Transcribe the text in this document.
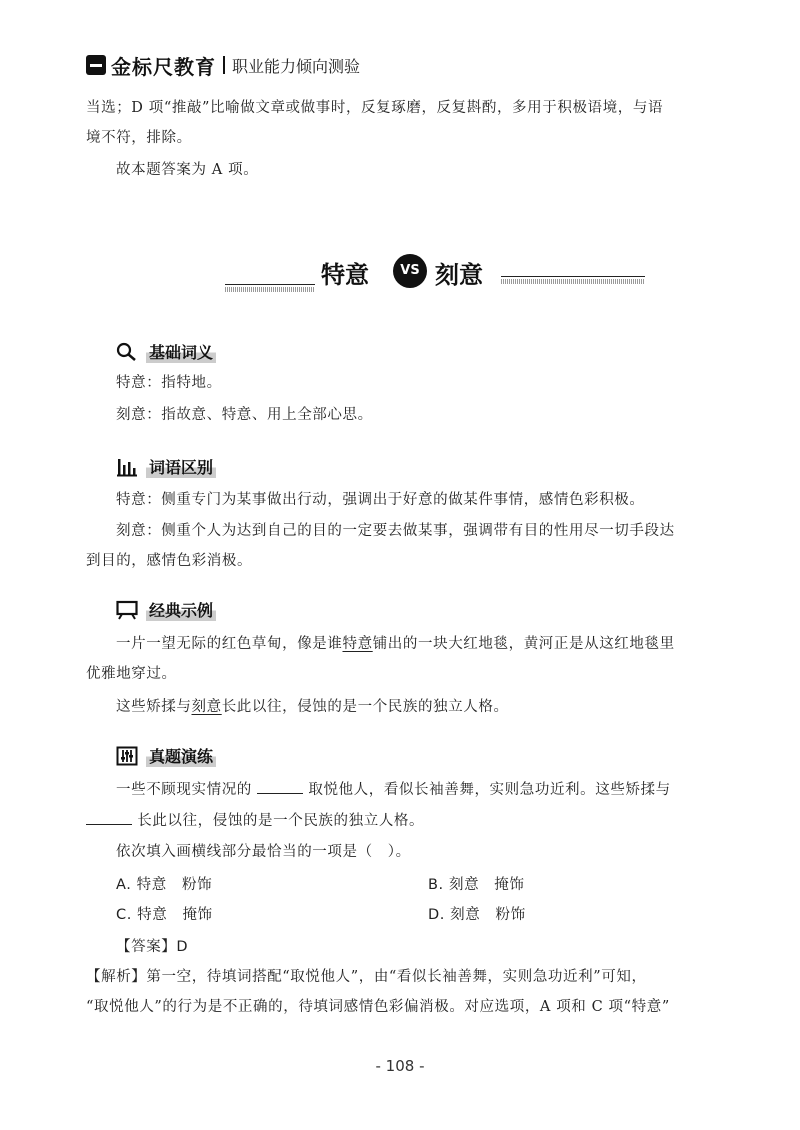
金标尺教育 职业能力倾向测验
当选；D 项“推敲”比喻做文章或做事时，反复琢磨，反复斟酌，多用于积极语境，与语
境不符，排除。
故本题答案为 A 项。
特意	VS 刻意
基础词义
特意：指特地。
刻意：指故意、特意、用上全部心思。
词语区别
特意：侧重专门为某事做出行动，强调出于好意的做某件事情，感情色彩积极。
刻意：侧重个人为达到自己的目的一定要去做某事，强调带有目的性用尽一切手段达
到目的，感情色彩消极。
经典示例
一片一望无际的红色草甸，像是谁特意铺出的一块大红地毯，黄河正是从这红地毯里
优雅地穿过。
这些矫揉与刻意长此以往，侵蚀的是一个民族的独立人格。
真题演练
一些不顾现实情况的	取悦他人，看似长袖善舞，实则急功近利。这些矫揉与
长此以往，侵蚀的是一个民族的独立人格。
依次填入画横线部分最恰当的一项是（　）。
A. 特意　粉饰	B. 刻意　掩饰
C. 特意　掩饰	D. 刻意　粉饰
【答案】D
【解析】第一空，待填词搭配“取悦他人”，由“看似长袖善舞，实则急功近利”可知，
“取悦他人”的行为是不正确的，待填词感情色彩偏消极。对应选项，A 项和 C 项“特意”
- 108 -
